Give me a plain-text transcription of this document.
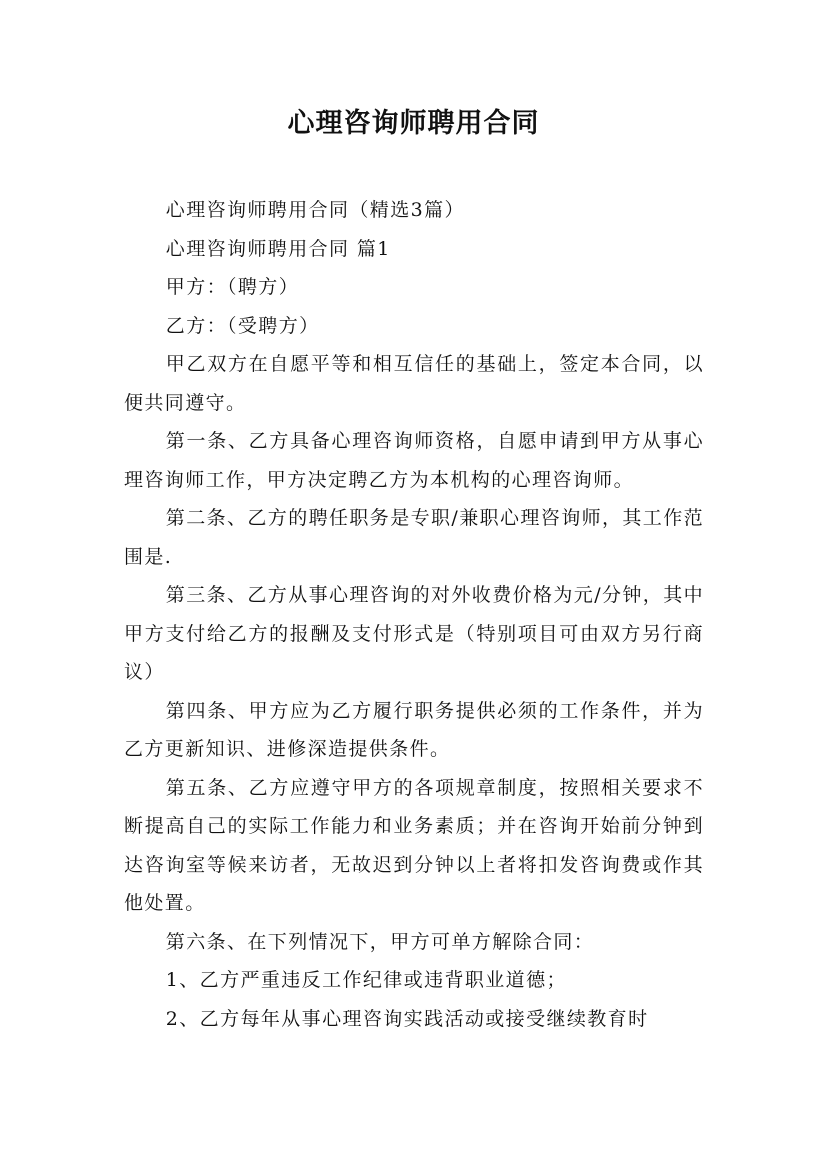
心理咨询师聘用合同

心理咨询师聘用合同（精选3篇）

心理咨询师聘用合同 篇1

甲方：（聘方）

乙方：（受聘方）

甲乙双方在自愿平等和相互信任的基础上，签定本合同，以便共同遵守。

第一条、乙方具备心理咨询师资格，自愿申请到甲方从事心理咨询师工作，甲方决定聘乙方为本机构的心理咨询师。

第二条、乙方的聘任职务是专职/兼职心理咨询师，其工作范围是.

第三条、乙方从事心理咨询的对外收费价格为元/分钟，其中甲方支付给乙方的报酬及支付形式是（特别项目可由双方另行商议）

第四条、甲方应为乙方履行职务提供必须的工作条件，并为乙方更新知识、进修深造提供条件。

第五条、乙方应遵守甲方的各项规章制度，按照相关要求不断提高自己的实际工作能力和业务素质；并在咨询开始前分钟到达咨询室等候来访者，无故迟到分钟以上者将扣发咨询费或作其他处置。

第六条、在下列情况下，甲方可单方解除合同：

1、乙方严重违反工作纪律或违背职业道德；

2、乙方每年从事心理咨询实践活动或接受继续教育时
